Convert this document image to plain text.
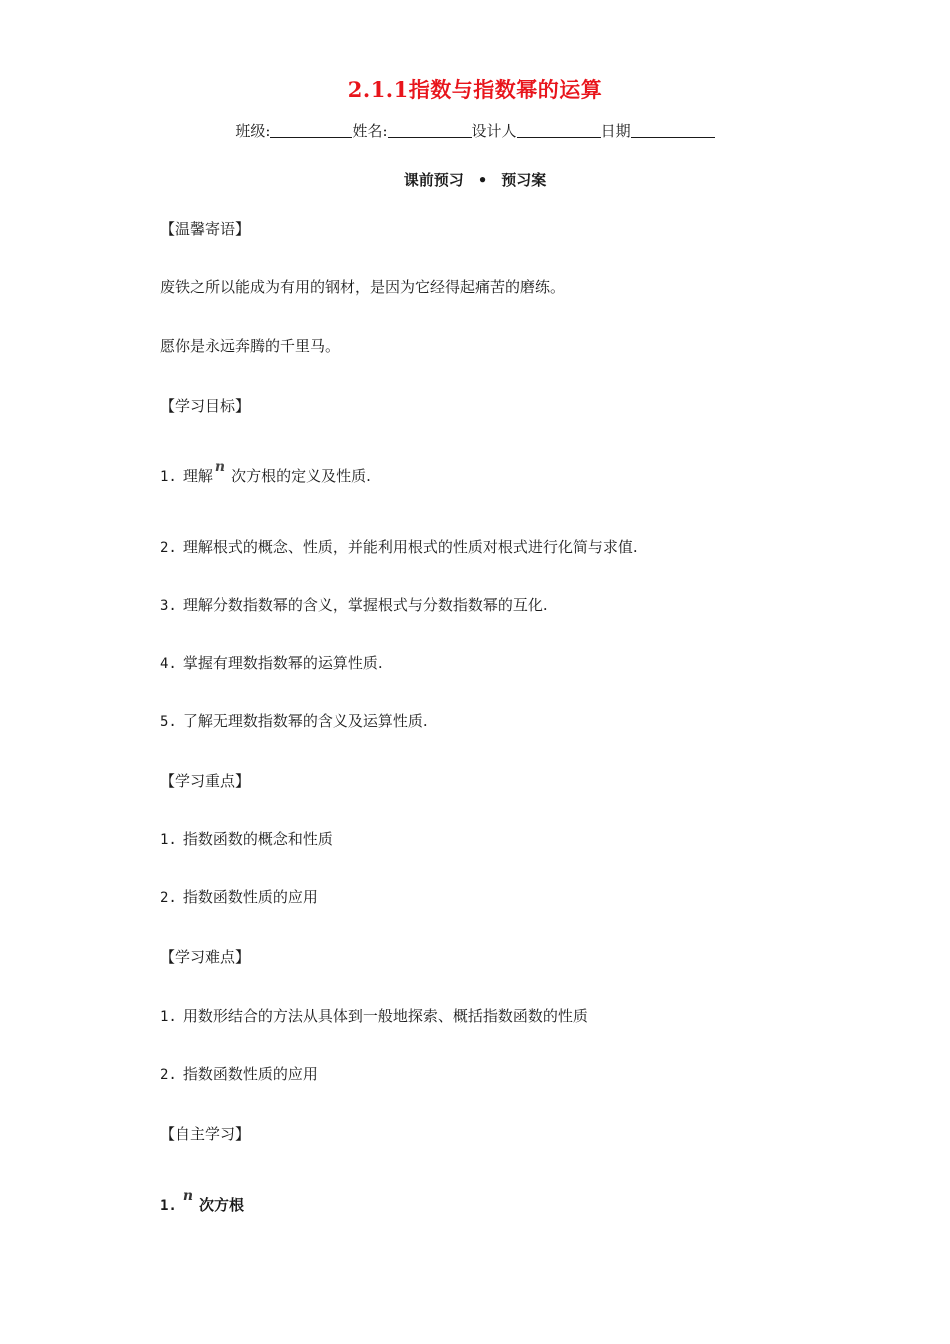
2.1.1指数与指数幂的运算
班级:	姓名:	设计人	日期
课前预习 • 预习案
【温馨寄语】
废铁之所以能成为有用的钢材，是因为它经得起痛苦的磨练。
愿你是永远奔腾的千里马。
【学习目标】
1. 理解 n 次方根的定义及性质.
2. 理解根式的概念、性质，并能利用根式的性质对根式进行化简与求值.
3. 理解分数指数幂的含义，掌握根式与分数指数幂的互化.
4. 掌握有理数指数幂的运算性质.
5. 了解无理数指数幂的含义及运算性质.
【学习重点】
1. 指数函数的概念和性质
2. 指数函数性质的应用
【学习难点】
1. 用数形结合的方法从具体到一般地探索、概括指数函数的性质
2. 指数函数性质的应用
【自主学习】
1.n 次方根
